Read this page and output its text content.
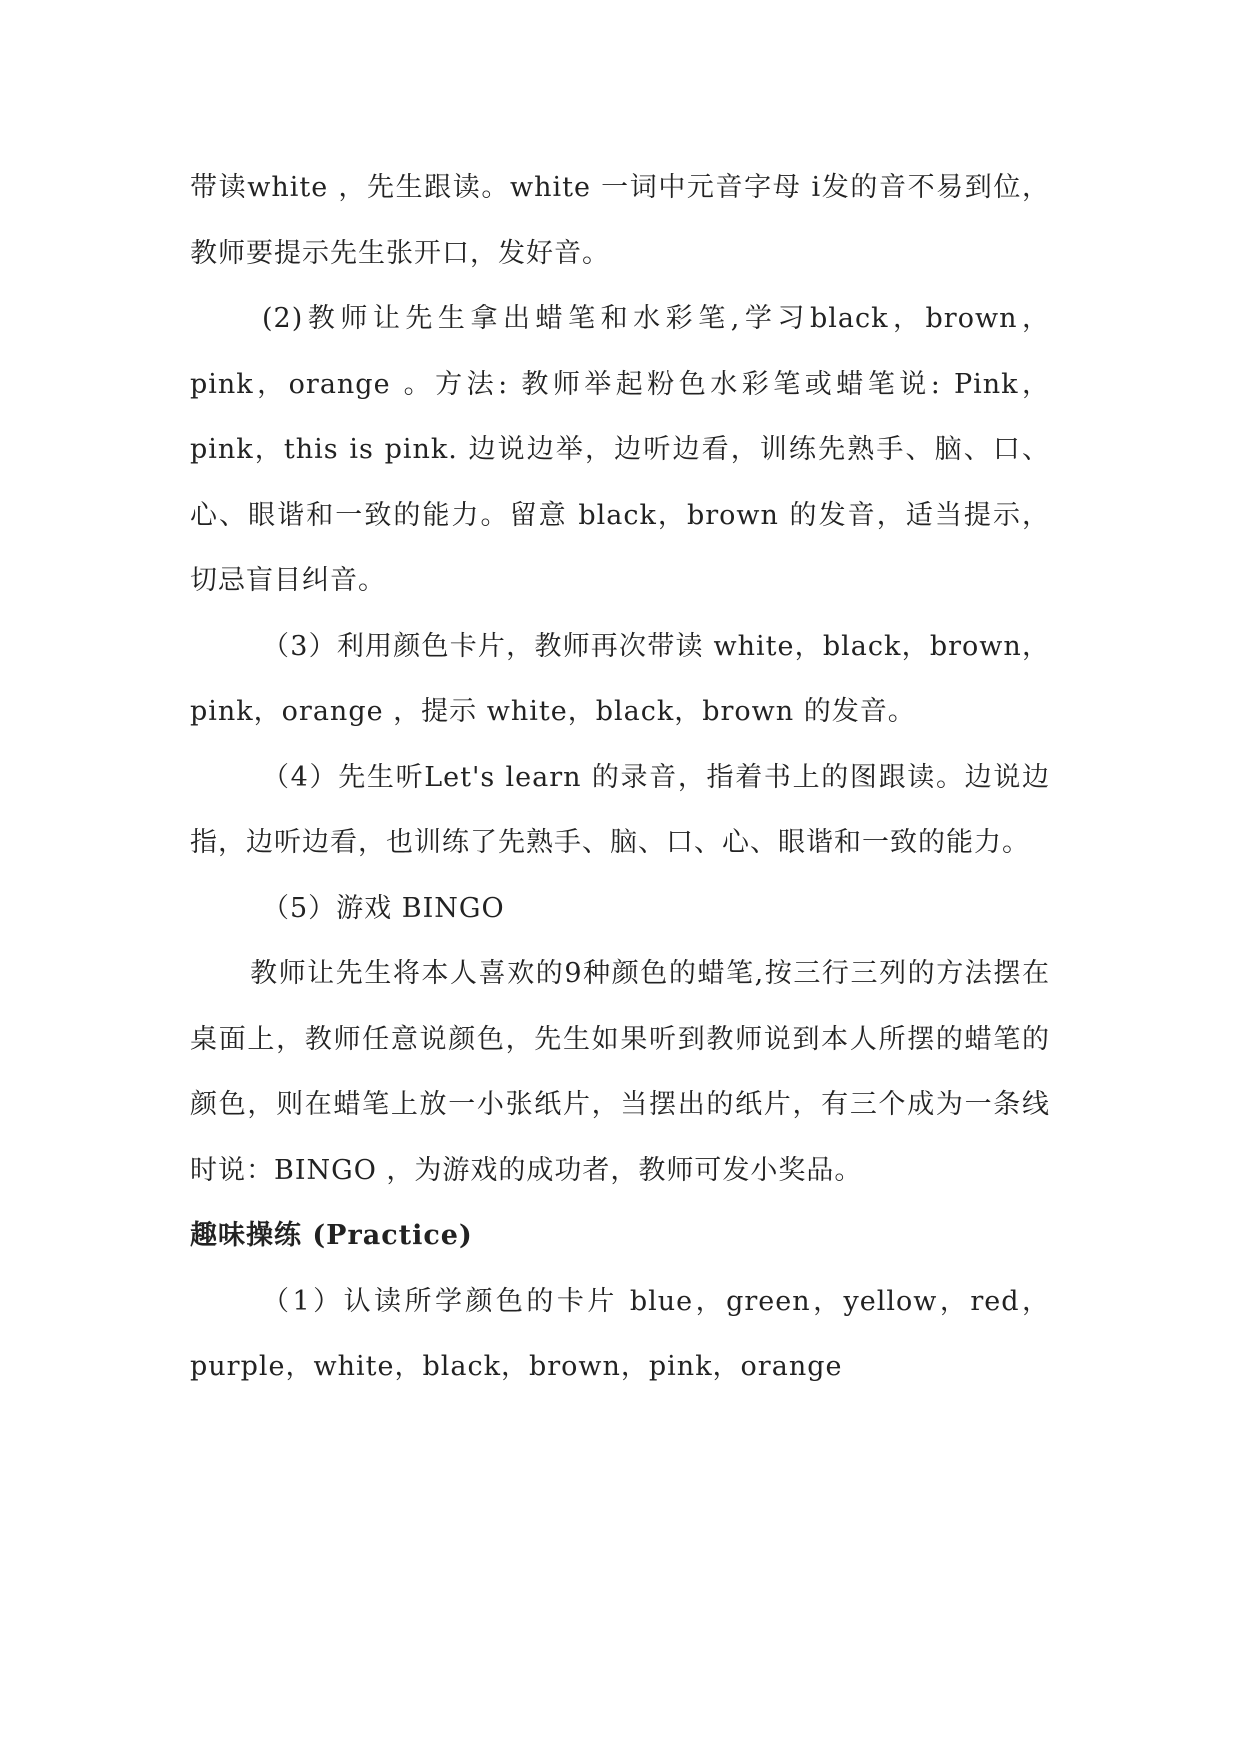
带读white ，先生跟读。white 一词中元音字母 i发的音不易到位，教师要提示先生张开口，发好音。

(2)教师让先生拿出蜡笔和水彩笔,学习black，brown，pink，orange 。方法: 教师举起粉色水彩笔或蜡笔说: Pink，pink，this is pink. 边说边举，边听边看，训练先熟手、脑、口、心、眼谐和一致的能力。留意 black，brown 的发音，适当提示，切忌盲目纠音。

（3）利用颜色卡片，教师再次带读 white，black，brown，pink，orange ，提示 white，black，brown 的发音。

（4）先生听Let's learn 的录音，指着书上的图跟读。边说边指，边听边看，也训练了先熟手、脑、口、心、眼谐和一致的能力。

（5）游戏 BINGO

教师让先生将本人喜欢的9种颜色的蜡笔,按三行三列的方法摆在桌面上，教师任意说颜色，先生如果听到教师说到本人所摆的蜡笔的颜色，则在蜡笔上放一小张纸片，当摆出的纸片，有三个成为一条线时说：BINGO ，为游戏的成功者，教师可发小奖品。

趣味操练 (Practice)

（1）认读所学颜色的卡片 blue，green，yellow，red，purple，white，black，brown，pink，orange
